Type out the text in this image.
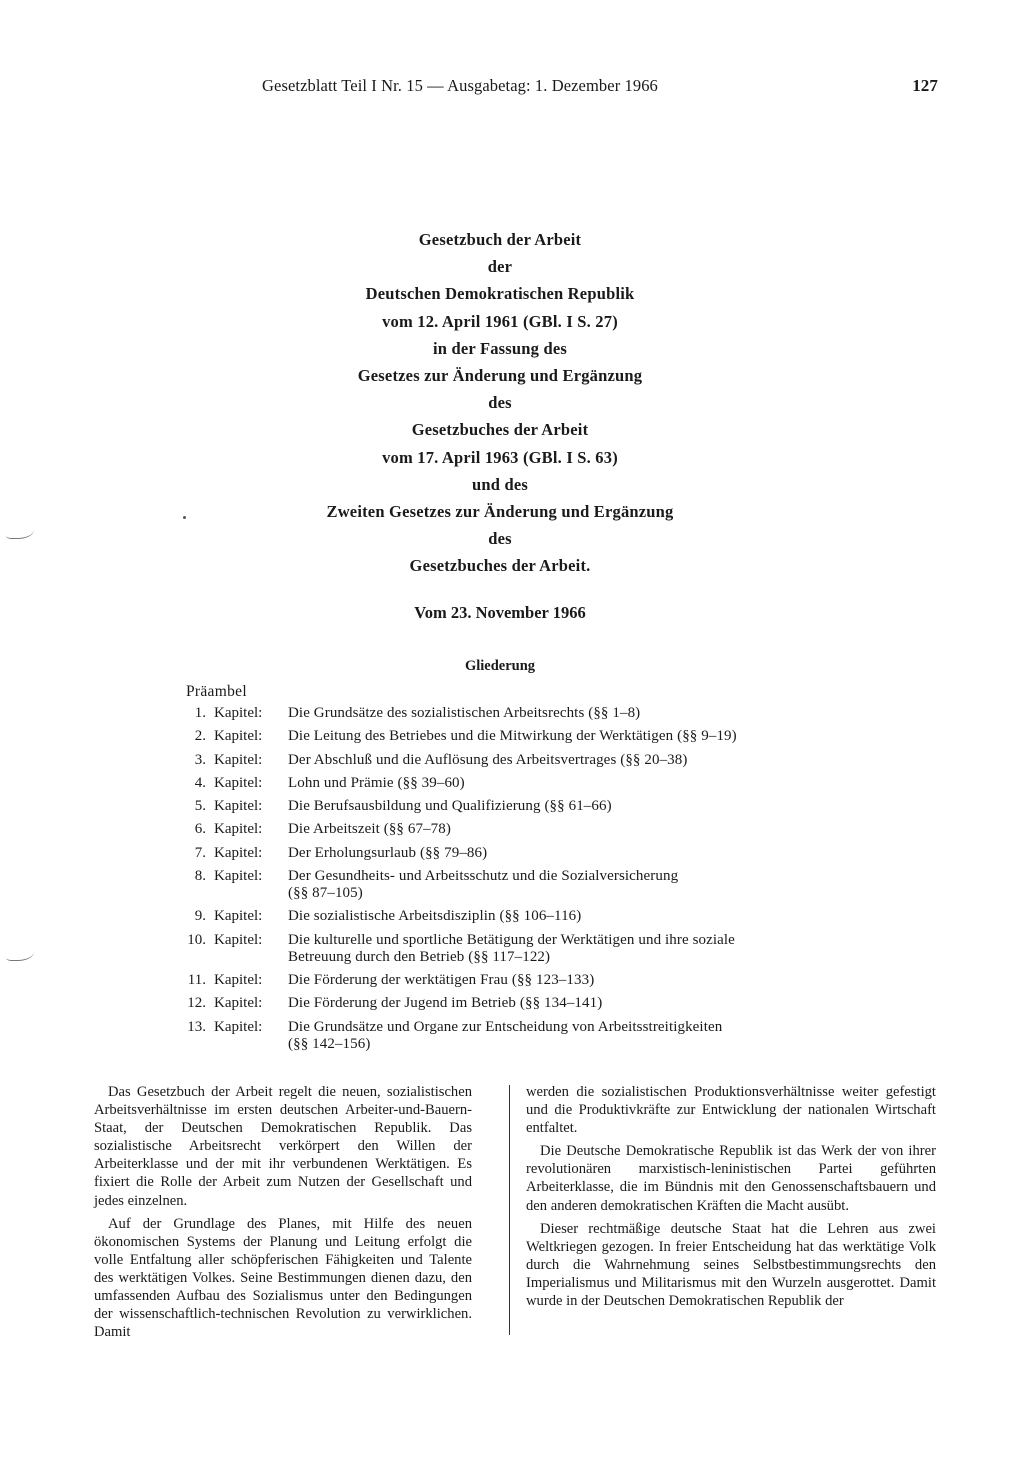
Gesetzblatt Teil I Nr. 15 — Ausgabetag: 1. Dezember 1966	127
Gesetzbuch der Arbeit
der
Deutschen Demokratischen Republik
vom 12. April 1961 (GBl. I S. 27)
in der Fassung des
Gesetzes zur Änderung und Ergänzung
des
Gesetzbuches der Arbeit
vom 17. April 1963 (GBl. I S. 63)
und des
Zweiten Gesetzes zur Änderung und Ergänzung
des
Gesetzbuches der Arbeit.
Vom 23. November 1966
Gliederung
Präambel
1. Kapitel:	Die Grundsätze des sozialistischen Arbeitsrechts (§§ 1–8)
2. Kapitel:	Die Leitung des Betriebes und die Mitwirkung der Werktätigen (§§ 9–19)
3. Kapitel:	Der Abschluß und die Auflösung des Arbeitsvertrages (§§ 20–38)
4. Kapitel:	Lohn und Prämie (§§ 39–60)
5. Kapitel:	Die Berufsausbildung und Qualifizierung (§§ 61–66)
6. Kapitel:	Die Arbeitszeit (§§ 67–78)
7. Kapitel:	Der Erholungsurlaub (§§ 79–86)
8. Kapitel:	Der Gesundheits- und Arbeitsschutz und die Sozialversicherung
(§§ 87–105)
9. Kapitel:	Die sozialistische Arbeitsdisziplin (§§ 106–116)
10. Kapitel:	Die kulturelle und sportliche Betätigung der Werktätigen und ihre soziale
Betreuung durch den Betrieb (§§ 117–122)
11. Kapitel:	Die Förderung der werktätigen Frau (§§ 123–133)
12. Kapitel:	Die Förderung der Jugend im Betrieb (§§ 134–141)
13. Kapitel:	Die Grundsätze und Organe zur Entscheidung von Arbeitsstreitigkeiten
(§§ 142–156)

Das Gesetzbuch der Arbeit regelt die neuen, sozialistischen Arbeitsverhältnisse im ersten deutschen Arbeiter-und-Bauern-Staat, der Deutschen Demokratischen Republik. Das sozialistische Arbeitsrecht verkörpert den Willen der Arbeiterklasse und der mit ihr verbundenen Werktätigen. Es fixiert die Rolle der Arbeit zum Nutzen der Gesellschaft und jedes einzelnen.

Auf der Grundlage des Planes, mit Hilfe des neuen ökonomischen Systems der Planung und Leitung erfolgt die volle Entfaltung aller schöpferischen Fähigkeiten und Talente des werktätigen Volkes. Seine Bestimmungen dienen dazu, den umfassenden Aufbau des Sozialismus unter den Bedingungen der wissenschaftlich-technischen Revolution zu verwirklichen. Damit

werden die sozialistischen Produktionsverhältnisse weiter gefestigt und die Produktivkräfte zur Entwicklung der nationalen Wirtschaft entfaltet.

Die Deutsche Demokratische Republik ist das Werk der von ihrer revolutionären marxistisch-leninistischen Partei geführten Arbeiterklasse, die im Bündnis mit den Genossenschaftsbauern und den anderen demokratischen Kräften die Macht ausübt.

Dieser rechtmäßige deutsche Staat hat die Lehren aus zwei Weltkriegen gezogen. In freier Entscheidung hat das werktätige Volk durch die Wahrnehmung seines Selbstbestimmungsrechts den Imperialismus und Militarismus mit den Wurzeln ausgerottet. Damit wurde in der Deutschen Demokratischen Republik der
